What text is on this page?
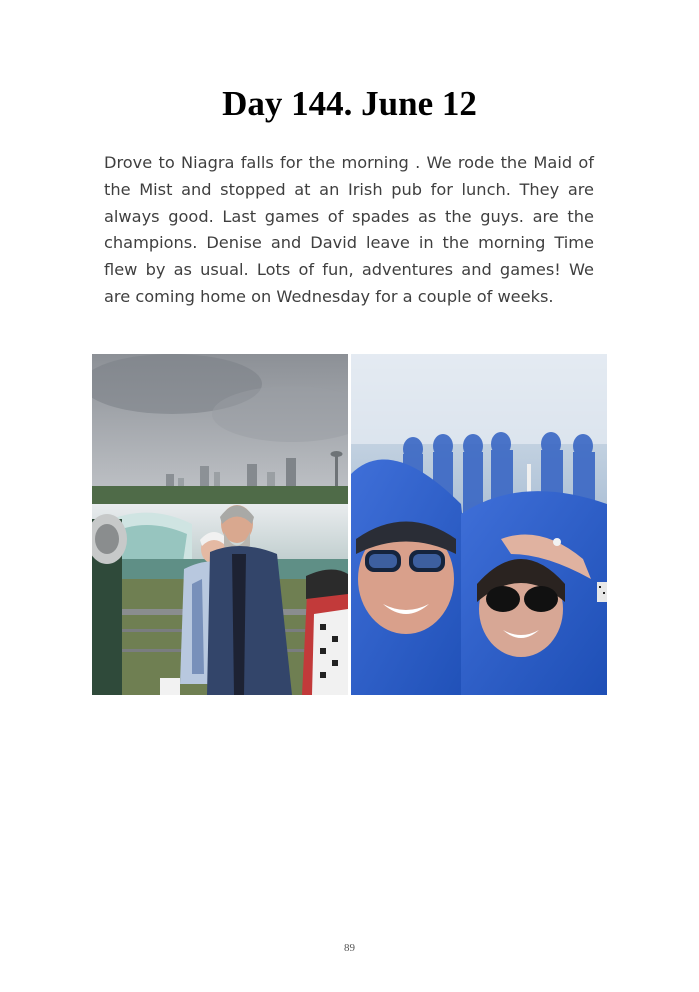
Day 144. June 12

Drove to Niagra falls for the morning . We rode the Maid of the Mist and stopped at an Irish pub for lunch. They are always good. Last games of spades as the guys. are the champions. Denise and David leave in the morning Time flew by as usual. Lots of fun, adventures and games! We are coming home on Wednesday for a couple of weeks.

89
